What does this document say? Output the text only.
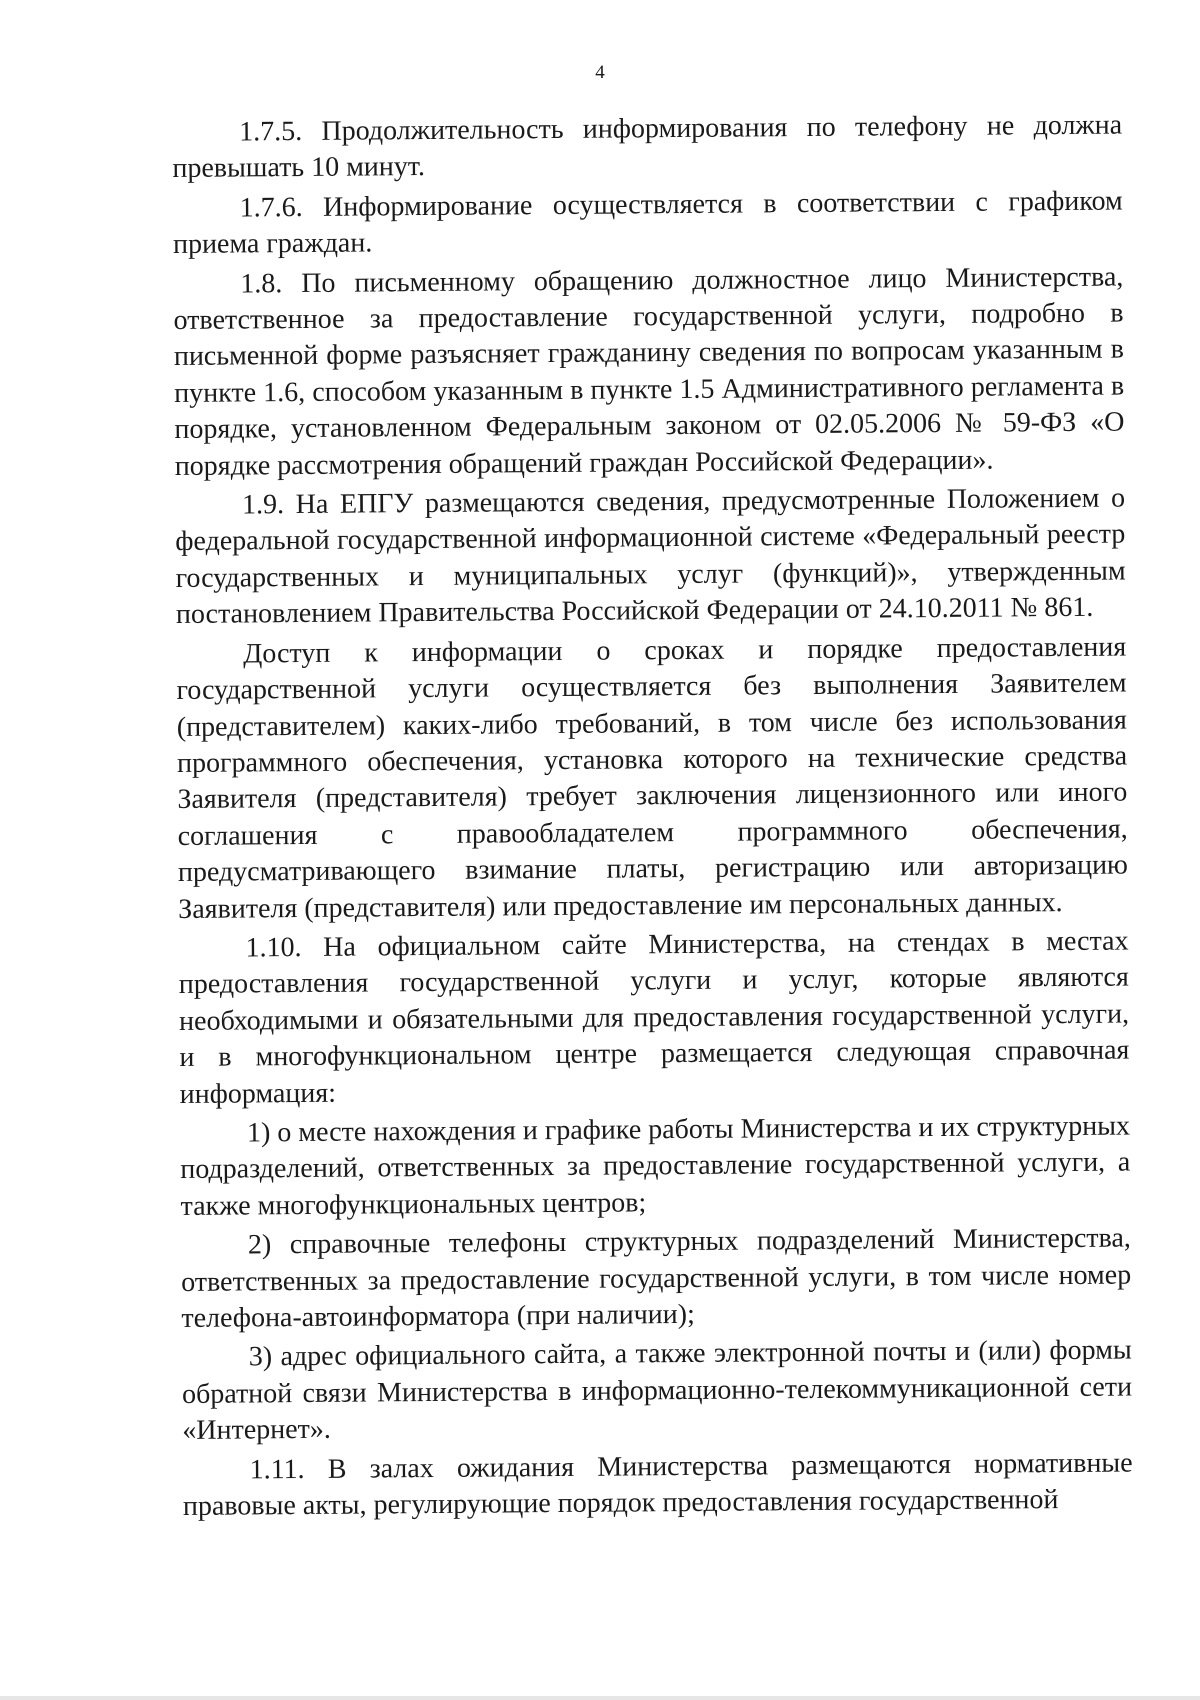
4

1.7.5. Продолжительность информирования по телефону не должна превышать 10 минут.

1.7.6. Информирование осуществляется в соответствии с графиком приема граждан.

1.8. По письменному обращению должностное лицо Министерства, ответственное за предоставление государственной услуги, подробно в письменной форме разъясняет гражданину сведения по вопросам указанным в пункте 1.6, способом указанным в пункте 1.5 Административного регламента в порядке, установленном Федеральным законом от 02.05.2006 № 59-ФЗ «О порядке рассмотрения обращений граждан Российской Федерации».

1.9. На ЕПГУ размещаются сведения, предусмотренные Положением о федеральной государственной информационной системе «Федеральный реестр государственных и муниципальных услуг (функций)», утвержденным постановлением Правительства Российской Федерации от 24.10.2011 № 861.

Доступ к информации о сроках и порядке предоставления государственной услуги осуществляется без выполнения Заявителем (представителем) каких-либо требований, в том числе без использования программного обеспечения, установка которого на технические средства Заявителя (представителя) требует заключения лицензионного или иного соглашения с правообладателем программного обеспечения, предусматривающего взимание платы, регистрацию или авторизацию Заявителя (представителя) или предоставление им персональных данных.

1.10. На официальном сайте Министерства, на стендах в местах предоставления государственной услуги и услуг, которые являются необходимыми и обязательными для предоставления государственной услуги, и в многофункциональном центре размещается следующая справочная информация:

1) о месте нахождения и графике работы Министерства и их структурных подразделений, ответственных за предоставление государственной услуги, а также многофункциональных центров;

2) справочные телефоны структурных подразделений Министерства, ответственных за предоставление государственной услуги, в том числе номер телефона-автоинформатора (при наличии);

3) адрес официального сайта, а также электронной почты и (или) формы обратной связи Министерства в информационно-телекоммуникационной сети «Интернет».

1.11. В залах ожидания Министерства размещаются нормативные правовые акты, регулирующие порядок предоставления государственной
